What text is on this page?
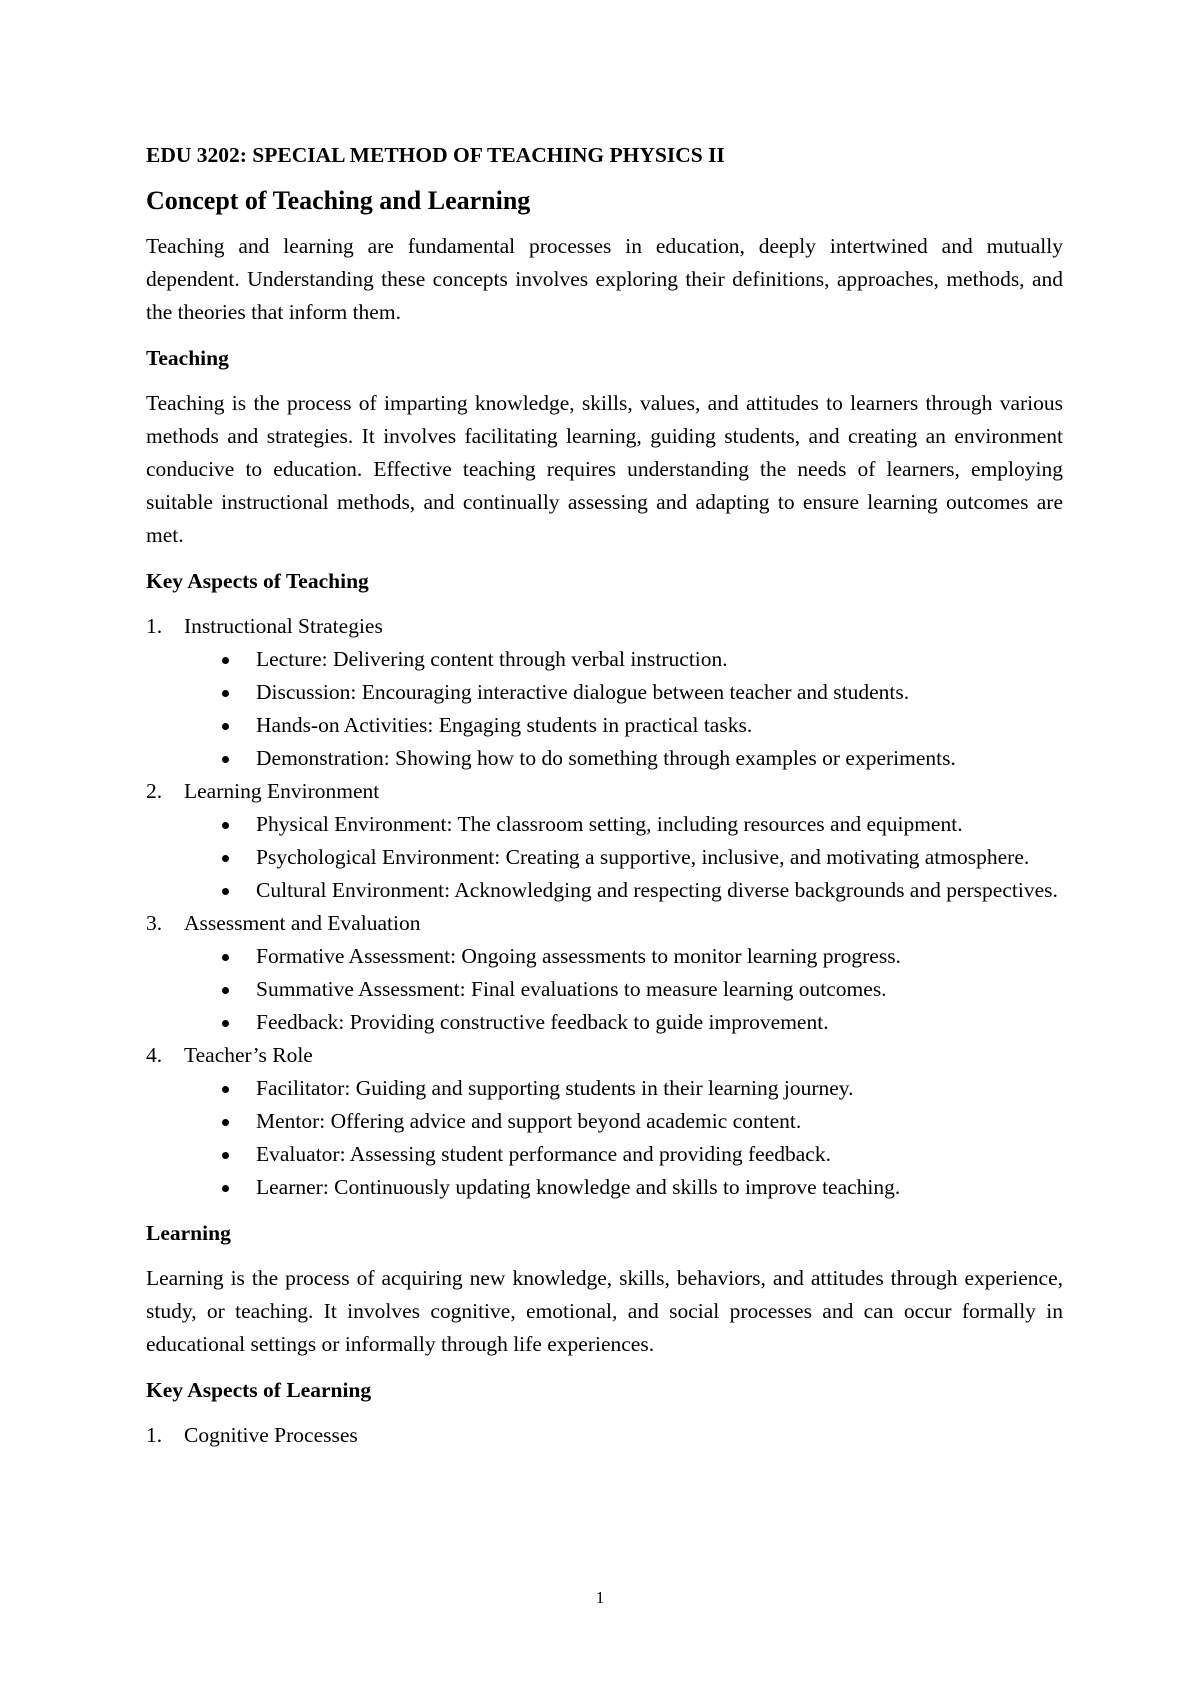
EDU 3202: SPECIAL METHOD OF TEACHING PHYSICS II
Concept of Teaching and Learning

Teaching and learning are fundamental processes in education, deeply intertwined and mutually dependent. Understanding these concepts involves exploring their definitions, approaches, methods, and the theories that inform them.

Teaching

Teaching is the process of imparting knowledge, skills, values, and attitudes to learners through various methods and strategies. It involves facilitating learning, guiding students, and creating an environment conducive to education. Effective teaching requires understanding the needs of learners, employing suitable instructional methods, and continually assessing and adapting to ensure learning outcomes are met.

Key Aspects of Teaching
1.	Instructional Strategies
Lecture: Delivering content through verbal instruction.
Discussion: Encouraging interactive dialogue between teacher and students.
Hands-on Activities: Engaging students in practical tasks.
Demonstration: Showing how to do something through examples or experiments.
2.	Learning Environment
Physical Environment: The classroom setting, including resources and equipment.
Psychological Environment: Creating a supportive, inclusive, and motivating atmosphere.
Cultural Environment: Acknowledging and respecting diverse backgrounds and perspectives.
3.	Assessment and Evaluation
Formative Assessment: Ongoing assessments to monitor learning progress.
Summative Assessment: Final evaluations to measure learning outcomes.
Feedback: Providing constructive feedback to guide improvement.
4.	Teacher’s Role
Facilitator: Guiding and supporting students in their learning journey.
Mentor: Offering advice and support beyond academic content.
Evaluator: Assessing student performance and providing feedback.
Learner: Continuously updating knowledge and skills to improve teaching.
Learning

Learning is the process of acquiring new knowledge, skills, behaviors, and attitudes through experience, study, or teaching. It involves cognitive, emotional, and social processes and can occur formally in educational settings or informally through life experiences.

Key Aspects of Learning
1.	Cognitive Processes
1
